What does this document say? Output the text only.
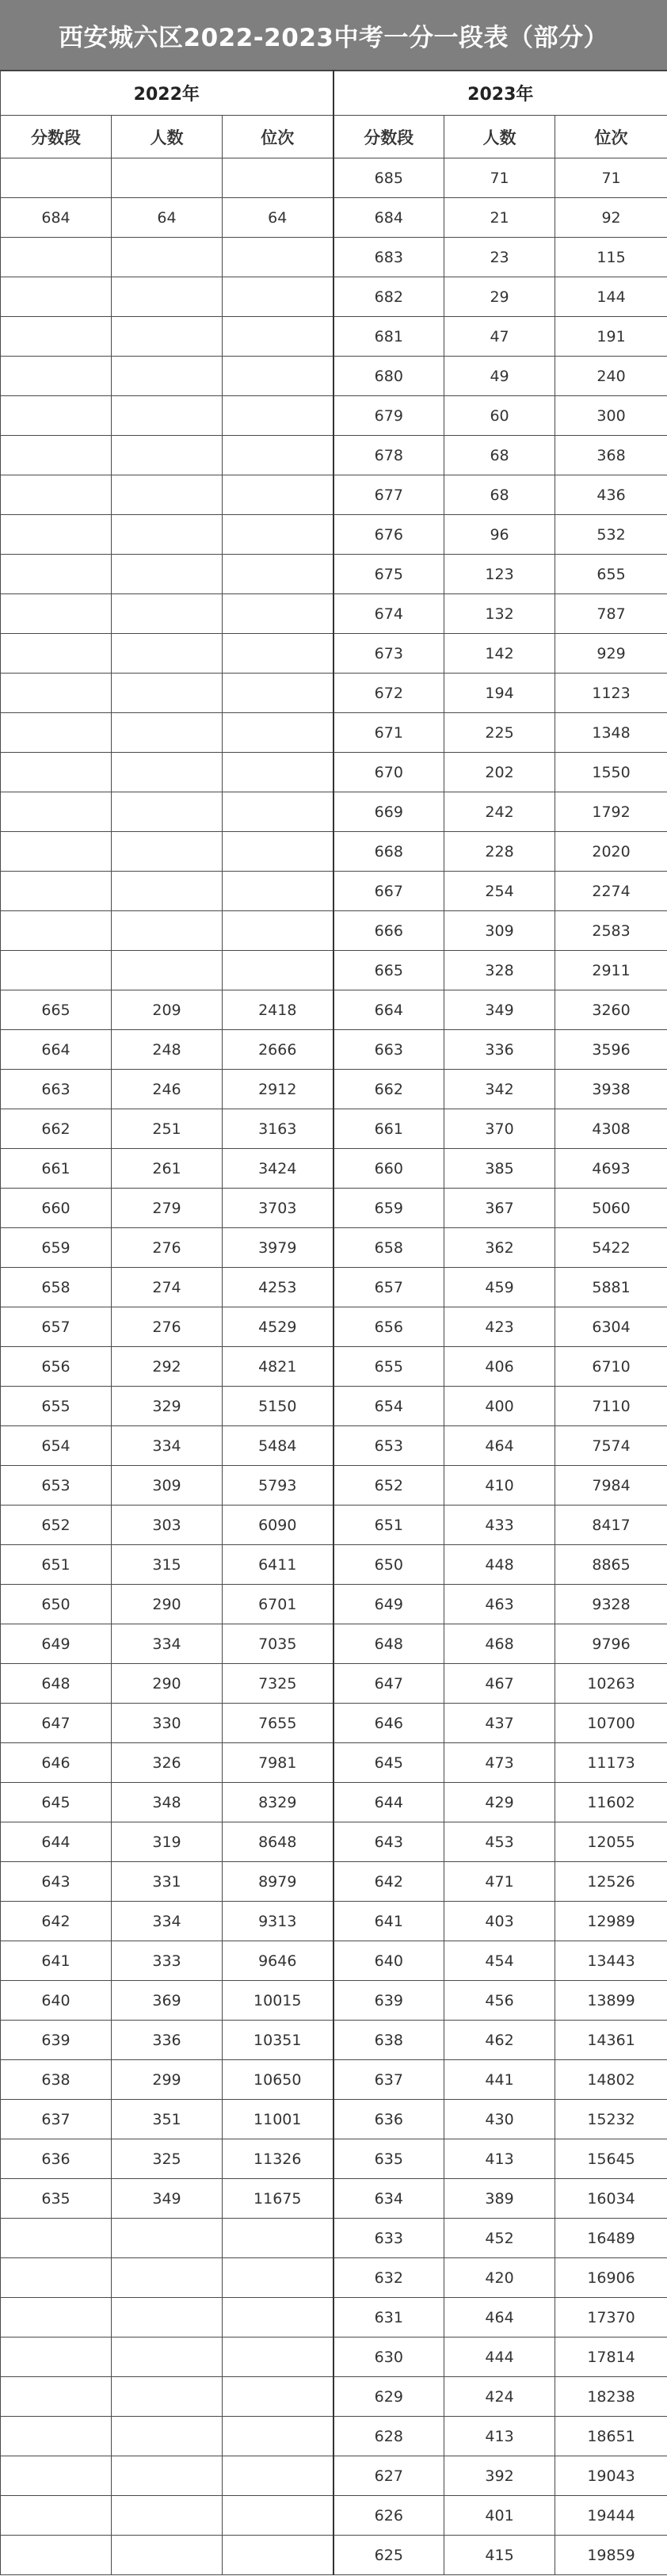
西安城六区2022-2023中考一分一段表（部分）
2022年			2023年		
分数段	人数	位次	分数段	人数	位次
			685	71	71
684	64	64	684	21	92
			683	23	115
			682	29	144
			681	47	191
			680	49	240
			679	60	300
			678	68	368
			677	68	436
			676	96	532
			675	123	655
			674	132	787
			673	142	929
			672	194	1123
			671	225	1348
			670	202	1550
			669	242	1792
			668	228	2020
			667	254	2274
			666	309	2583
			665	328	2911
665	209	2418	664	349	3260
664	248	2666	663	336	3596
663	246	2912	662	342	3938
662	251	3163	661	370	4308
661	261	3424	660	385	4693
660	279	3703	659	367	5060
659	276	3979	658	362	5422
658	274	4253	657	459	5881
657	276	4529	656	423	6304
656	292	4821	655	406	6710
655	329	5150	654	400	7110
654	334	5484	653	464	7574
653	309	5793	652	410	7984
652	303	6090	651	433	8417
651	315	6411	650	448	8865
650	290	6701	649	463	9328
649	334	7035	648	468	9796
648	290	7325	647	467	10263
647	330	7655	646	437	10700
646	326	7981	645	473	11173
645	348	8329	644	429	11602
644	319	8648	643	453	12055
643	331	8979	642	471	12526
642	334	9313	641	403	12989
641	333	9646	640	454	13443
640	369	10015	639	456	13899
639	336	10351	638	462	14361
638	299	10650	637	441	14802
637	351	11001	636	430	15232
636	325	11326	635	413	15645
635	349	11675	634	389	16034
			633	452	16489
			632	420	16906
			631	464	17370
			630	444	17814
			629	424	18238
			628	413	18651
			627	392	19043
			626	401	19444
			625	415	19859
